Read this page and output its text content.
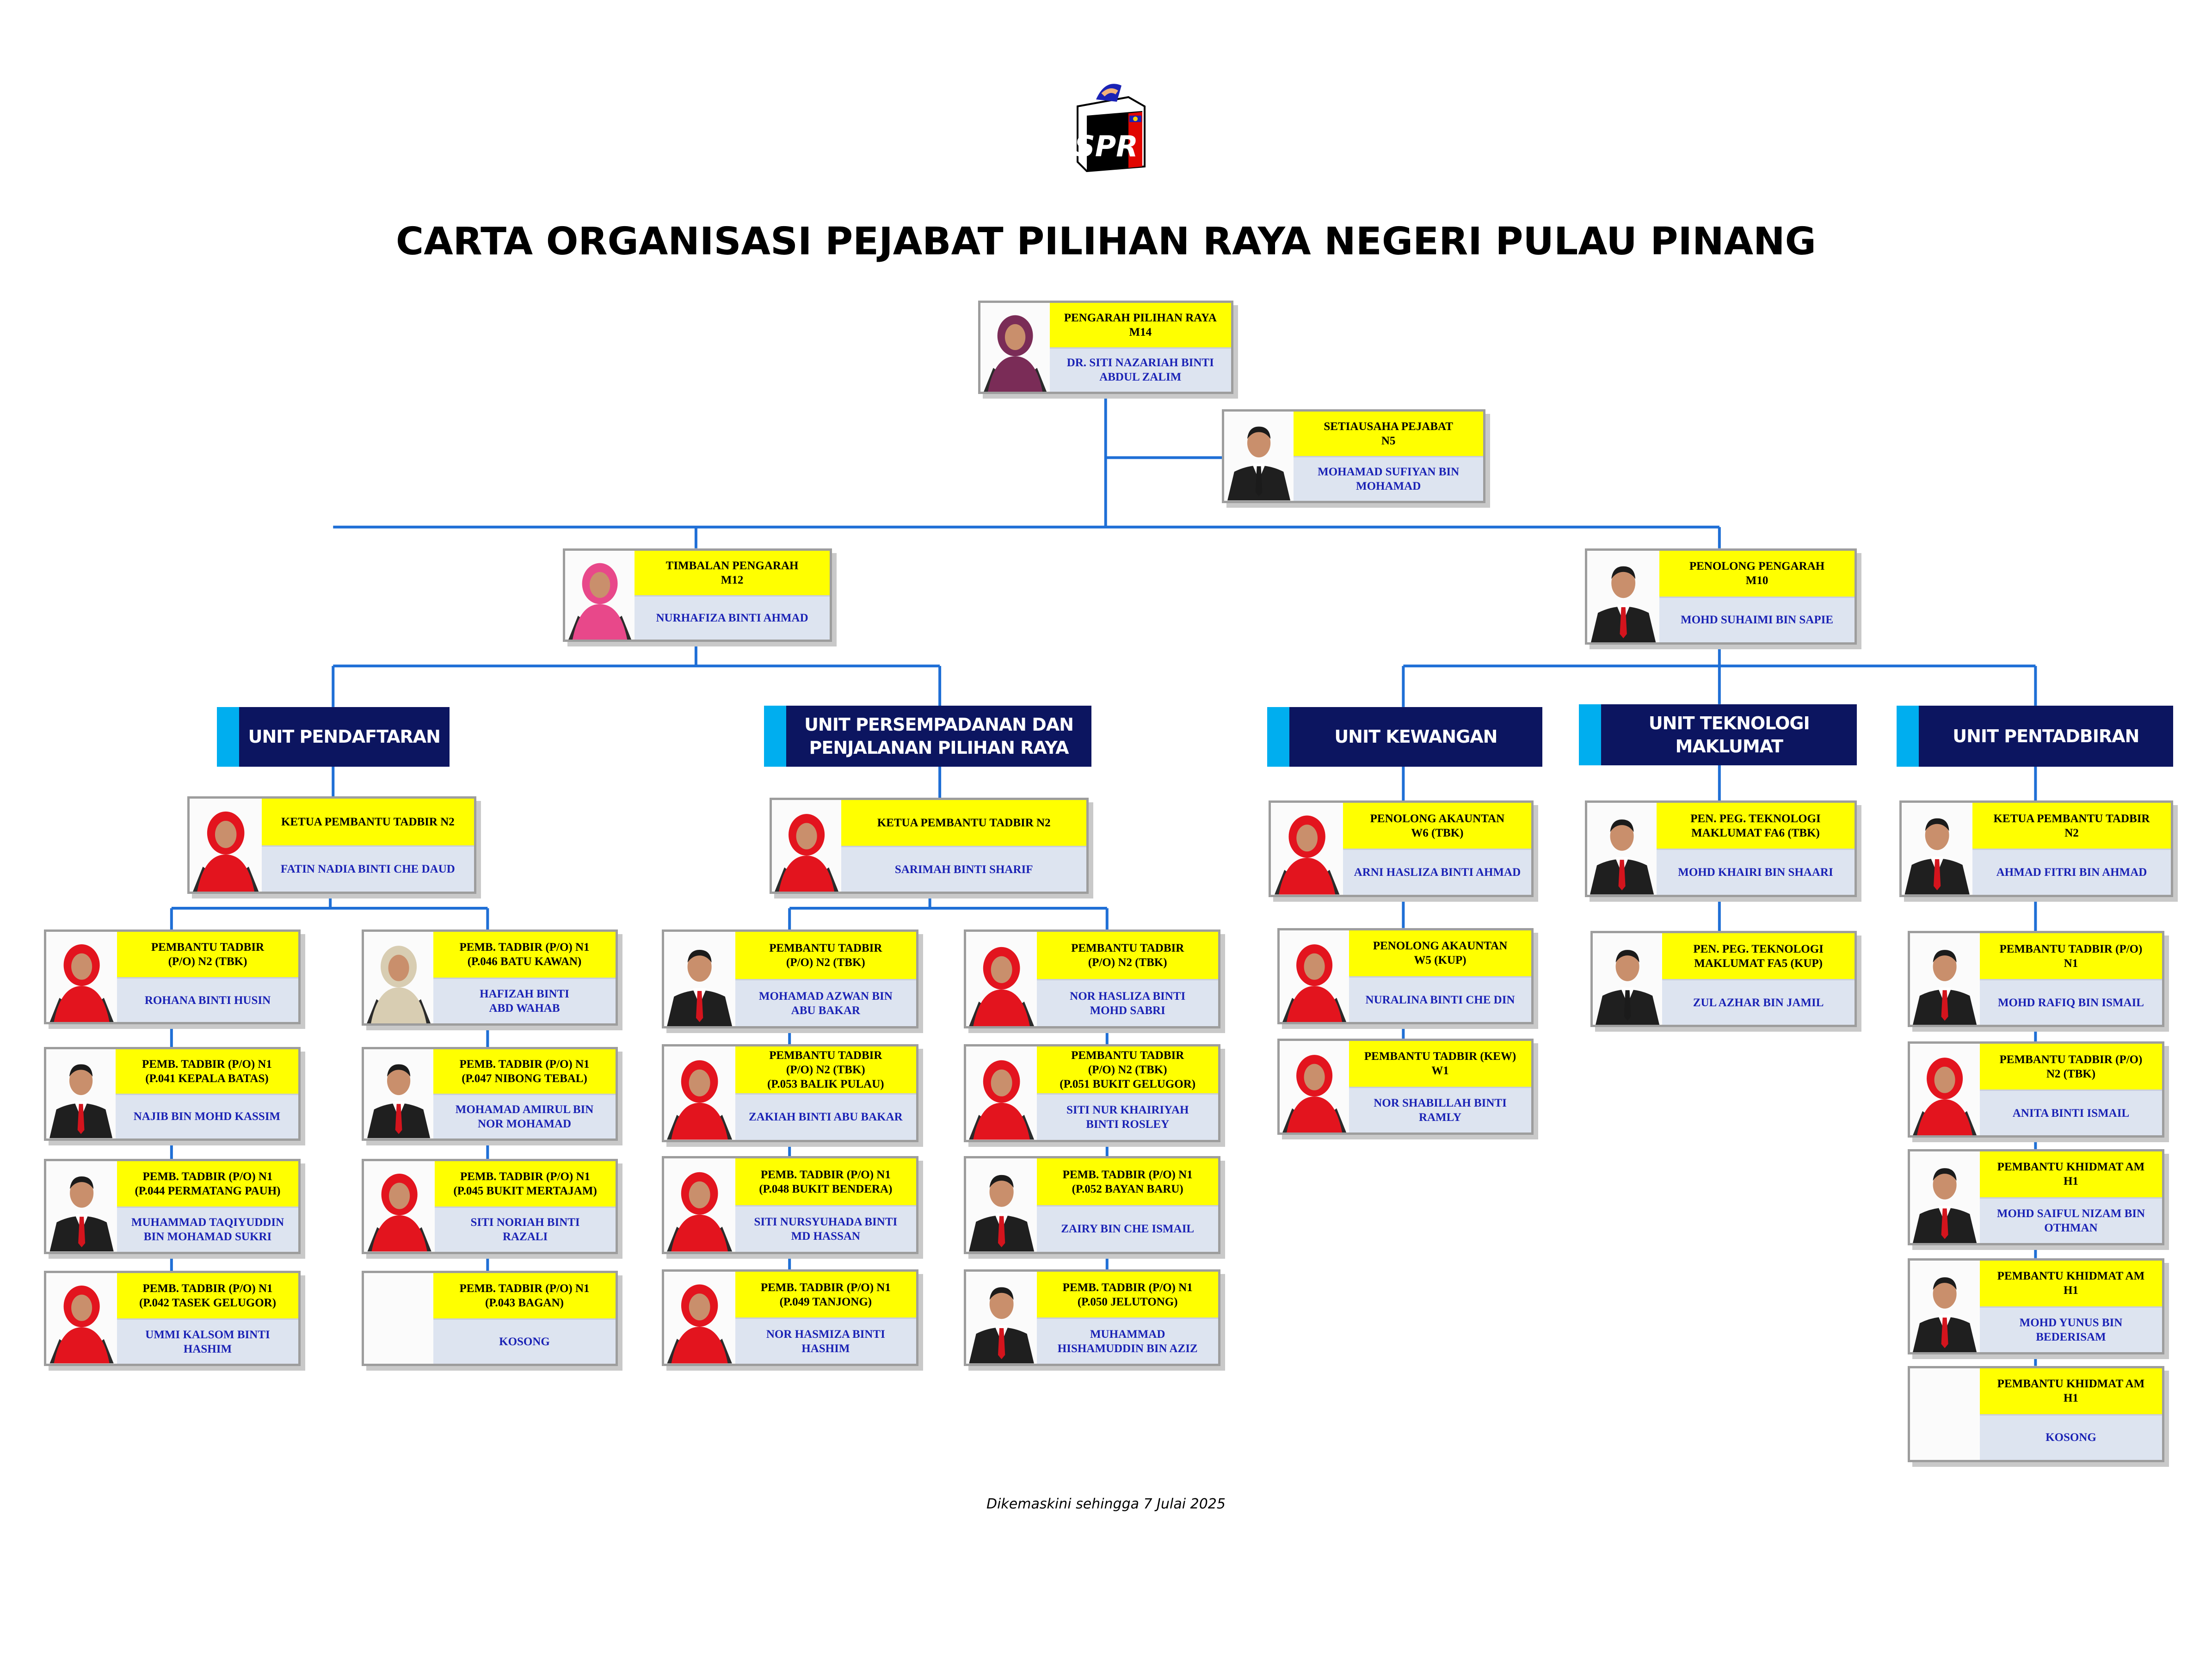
SPR
CARTA ORGANISASI PEJABAT PILIHAN RAYA NEGERI PULAU PINANG
Dikemaskini sehingga 7 Julai 2025
PENGARAH PILIHAN RAYA
M14
DR. SITI NAZARIAH BINTI
ABDUL ZALIM
SETIAUSAHA PEJABAT
N5
MOHAMAD SUFIYAN BIN
MOHAMAD
TIMBALAN PENGARAH
M12
NURHAFIZA BINTI AHMAD
PENOLONG PENGARAH
M10
MOHD SUHAIMI BIN SAPIE
KETUA PEMBANTU TADBIR N2
FATIN NADIA BINTI CHE DAUD
PEMBANTU TADBIR
(P/O) N2 (TBK)
ROHANA BINTI HUSIN
PEMB. TADBIR (P/O) N1
(P.041 KEPALA BATAS)
NAJIB BIN MOHD KASSIM
PEMB. TADBIR (P/O) N1
(P.044 PERMATANG PAUH)
MUHAMMAD TAQIYUDDIN
BIN MOHAMAD SUKRI
PEMB. TADBIR (P/O) N1
(P.042 TASEK GELUGOR)
UMMI KALSOM BINTI
HASHIM
PEMB. TADBIR (P/O) N1
(P.046 BATU KAWAN)
HAFIZAH BINTI
ABD WAHAB
PEMB. TADBIR (P/O) N1
(P.047 NIBONG TEBAL)
MOHAMAD AMIRUL BIN
NOR MOHAMAD
PEMB. TADBIR (P/O) N1
(P.045 BUKIT MERTAJAM)
SITI NORIAH BINTI
RAZALI
PEMB. TADBIR (P/O) N1
(P.043 BAGAN)
KOSONG
KETUA PEMBANTU TADBIR N2
SARIMAH BINTI SHARIF
PEMBANTU TADBIR
(P/O) N2 (TBK)
MOHAMAD AZWAN BIN
ABU BAKAR
PEMBANTU TADBIR
(P/O) N2 (TBK)
(P.053 BALIK PULAU)
ZAKIAH BINTI ABU BAKAR
PEMB. TADBIR (P/O) N1
(P.048 BUKIT BENDERA)
SITI NURSYUHADA BINTI
MD HASSAN
PEMB. TADBIR (P/O) N1
(P.049 TANJONG)
NOR HASMIZA BINTI
HASHIM
PEMBANTU TADBIR
(P/O) N2 (TBK)
NOR HASLIZA BINTI
MOHD SABRI
PEMBANTU TADBIR
(P/O) N2 (TBK)
(P.051 BUKIT GELUGOR)
SITI NUR KHAIRIYAH
BINTI ROSLEY
PEMB. TADBIR (P/O) N1
(P.052 BAYAN BARU)
ZAIRY BIN CHE ISMAIL
PEMB. TADBIR (P/O) N1
(P.050 JELUTONG)
MUHAMMAD
HISHAMUDDIN BIN AZIZ
PENOLONG AKAUNTAN
W6 (TBK)
ARNI HASLIZA BINTI AHMAD
PENOLONG AKAUNTAN
W5 (KUP)
NURALINA BINTI CHE DIN
PEMBANTU TADBIR (KEW)
W1
NOR SHABILLAH BINTI
RAMLY
PEN. PEG. TEKNOLOGI
MAKLUMAT FA6 (TBK)
MOHD KHAIRI BIN SHAARI
PEN. PEG. TEKNOLOGI
MAKLUMAT FA5 (KUP)
ZUL AZHAR BIN JAMIL
KETUA PEMBANTU TADBIR
N2
AHMAD FITRI BIN AHMAD
PEMBANTU TADBIR (P/O)
N1
MOHD RAFIQ BIN ISMAIL
PEMBANTU TADBIR (P/O)
N2 (TBK)
ANITA BINTI ISMAIL
PEMBANTU KHIDMAT AM
H1
MOHD SAIFUL NIZAM BIN
OTHMAN
PEMBANTU KHIDMAT AM
H1
MOHD YUNUS BIN
BEDERISAM
PEMBANTU KHIDMAT AM
H1
KOSONG
UNIT PENDAFTARAN
UNIT PERSEMPADANAN DAN
PENJALANAN PILIHAN RAYA
UNIT KEWANGAN
UNIT TEKNOLOGI MAKLUMAT	UNIT PENTADBIRAN
